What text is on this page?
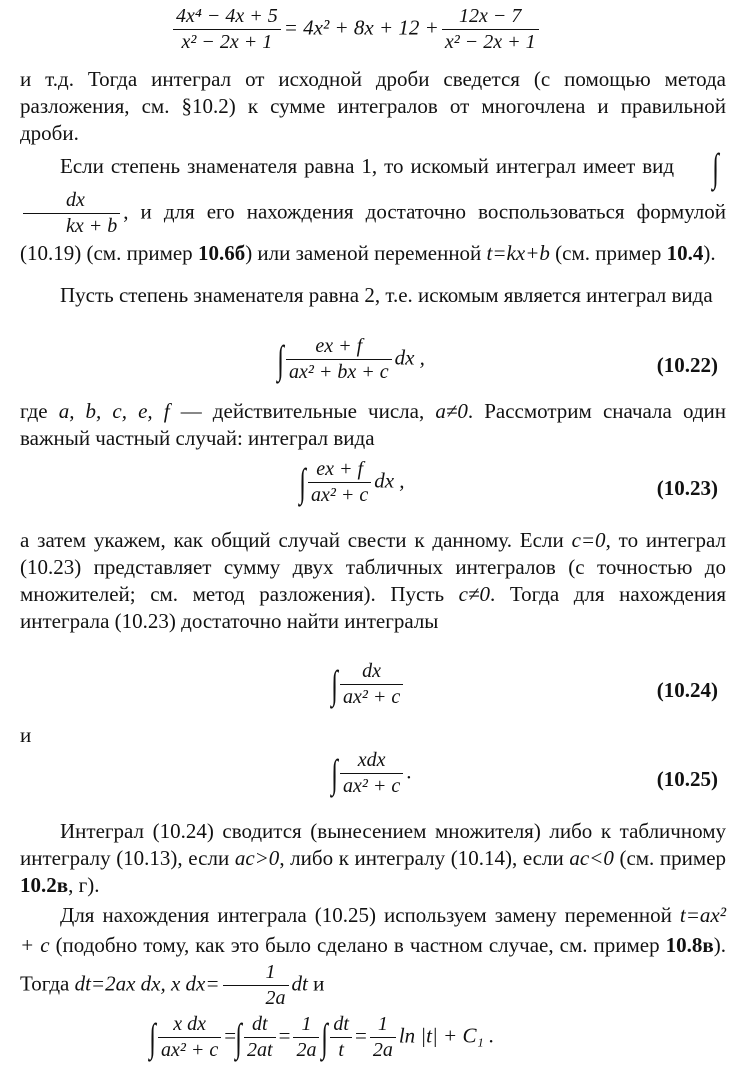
$\frac{\text{4x⁴ − 4x + 5}}{\text{x² − 2x + 1}} = 4x^2 + 8x + 12 + \frac{12x - 7}{\text{x² − 2x + 1}}$
и т.д. Тогда интеграл от исходной дроби сведется (с помощью метода разложения, см. §10.2) к сумме интегралов от многочлена и правильной дроби.
Если степень знаменателя равна 1, то искомый интеграл имеет вид ∫
$\frac{dx}{kx + b}$ , и для его нахождения достаточно воспользоваться формулой (10.19) (см. пример 10.6б) или заменой переменной t=kx+b (см. пример 10.4).
Пусть степень знаменателя равна 2, т.е. искомым является интеграл вида
∫ $\frac{ex + f}{\text{ax² + bx + c}}$ dx ,	(10.22)
где a, b, c, e, f — действительные числа, a≠0. Рассмотрим сначала один важный частный случай: интеграл вида
∫ $\frac{ex + f}{\text{ax² + c}}$ dx ,	(10.23)
а затем укажем, как общий случай свести к данному. Если c=0, то интеграл (10.23) представляет сумму двух табличных интегралов (с точностью до множителей; см. метод разложения). Пусть c≠0. Тогда для нахождения интеграла (10.23) достаточно найти интегралы
∫ $\frac{dx}{\text{ax² + c}}$	(10.24)
и
∫ $\frac{\text{xdx}}{\text{ax² + c}}$ .	(10.25)
Интеграл (10.24) сводится (вынесением множителя) либо к табличному интегралу (10.13), если ac>0, либо к интегралу (10.14), если ac<0 (см. пример 10.2в, г).
Для нахождения интеграла (10.25) используем замену переменной t=ax² + c (подобно тому, как это было сделано в частном случае, см. пример 10.8в). Тогда dt=2ax dx, x $dx= \frac{1}{2a}$ dt и
∫ $\frac{\text{x dx}}{\text{ax² + c}}$ =∫ $\frac{dt}{2at} = \frac{1}{2a}$ ∫ $\frac{dt}{t} = \frac{1}{2a}$ ln |t| + C₁ .
